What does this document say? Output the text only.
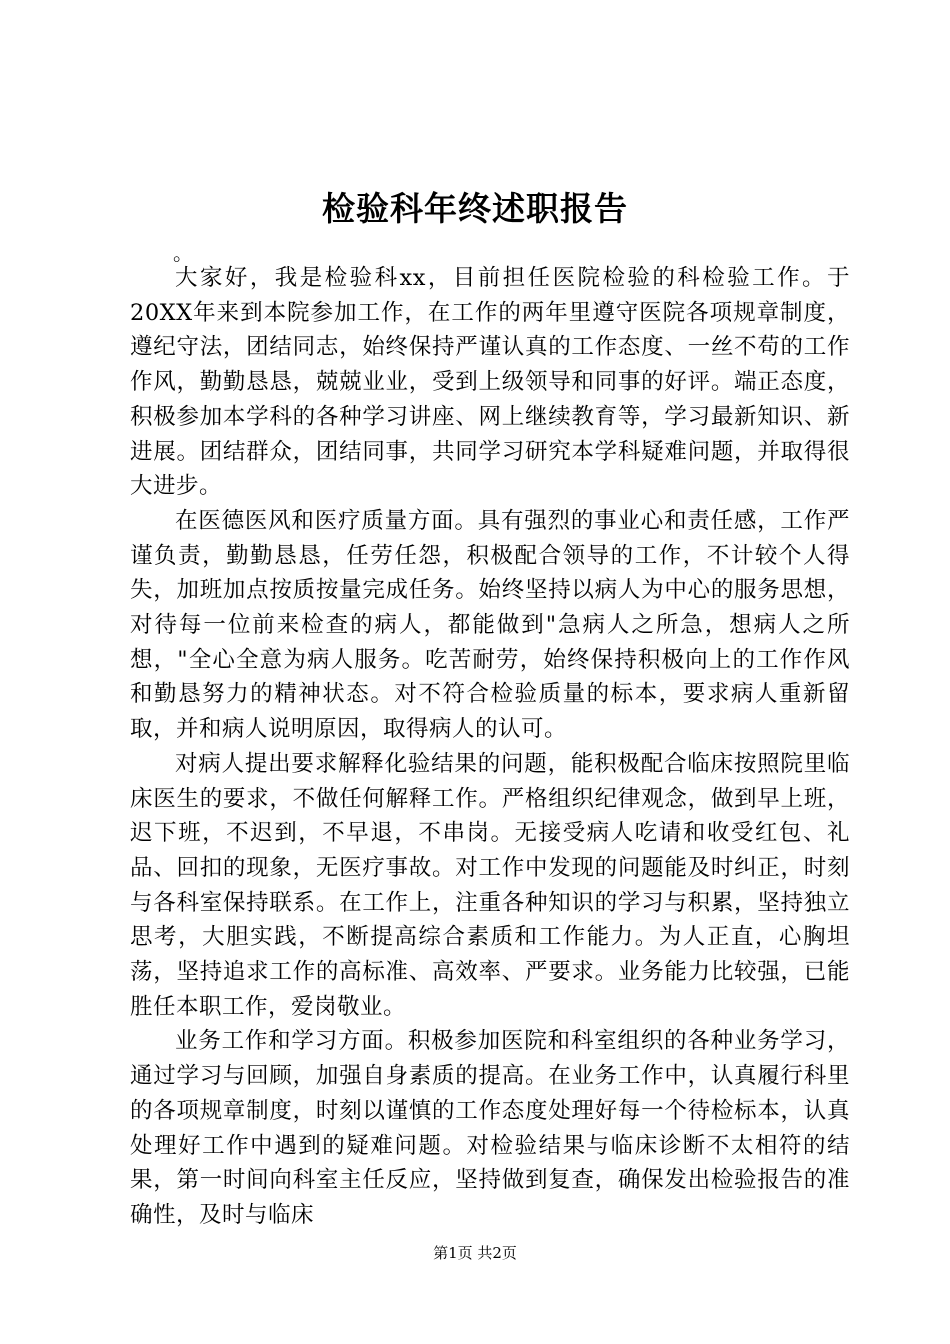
检验科年终述职报告
。

大家好，我是检验科xx，目前担任医院检验的科检验工作。于20XX年来到本院参加工作，在工作的两年里遵守医院各项规章制度，遵纪守法，团结同志，始终保持严谨认真的工作态度、一丝不苟的工作作风，勤勤恳恳，兢兢业业，受到上级领导和同事的好评。端正态度，积极参加本学科的各种学习讲座、网上继续教育等，学习最新知识、新进展。团结群众，团结同事，共同学习研究本学科疑难问题，并取得很大进步。

在医德医风和医疗质量方面。具有强烈的事业心和责任感，工作严谨负责，勤勤恳恳，任劳任怨，积极配合领导的工作，不计较个人得失，加班加点按质按量完成任务。始终坚持以病人为中心的服务思想，对待每一位前来检查的病人，都能做到"急病人之所急，想病人之所想，"全心全意为病人服务。吃苦耐劳，始终保持积极向上的工作作风和勤恳努力的精神状态。对不符合检验质量的标本，要求病人重新留取，并和病人说明原因，取得病人的认可。

对病人提出要求解释化验结果的问题，能积极配合临床按照院里临床医生的要求，不做任何解释工作。严格组织纪律观念，做到早上班，迟下班，不迟到，不早退，不串岗。无接受病人吃请和收受红包、礼品、回扣的现象，无医疗事故。对工作中发现的问题能及时纠正，时刻与各科室保持联系。在工作上，注重各种知识的学习与积累，坚持独立思考，大胆实践，不断提高综合素质和工作能力。为人正直，心胸坦荡，坚持追求工作的高标准、高效率、严要求。业务能力比较强，已能胜任本职工作，爱岗敬业。

业务工作和学习方面。积极参加医院和科室组织的各种业务学习，通过学习与回顾，加强自身素质的提高。在业务工作中，认真履行科里的各项规章制度，时刻以谨慎的工作态度处理好每一个待检标本，认真处理好工作中遇到的疑难问题。对检验结果与临床诊断不太相符的结果，第一时间向科室主任反应，坚持做到复查，确保发出检验报告的准确性，及时与临床

第1页 共2页
